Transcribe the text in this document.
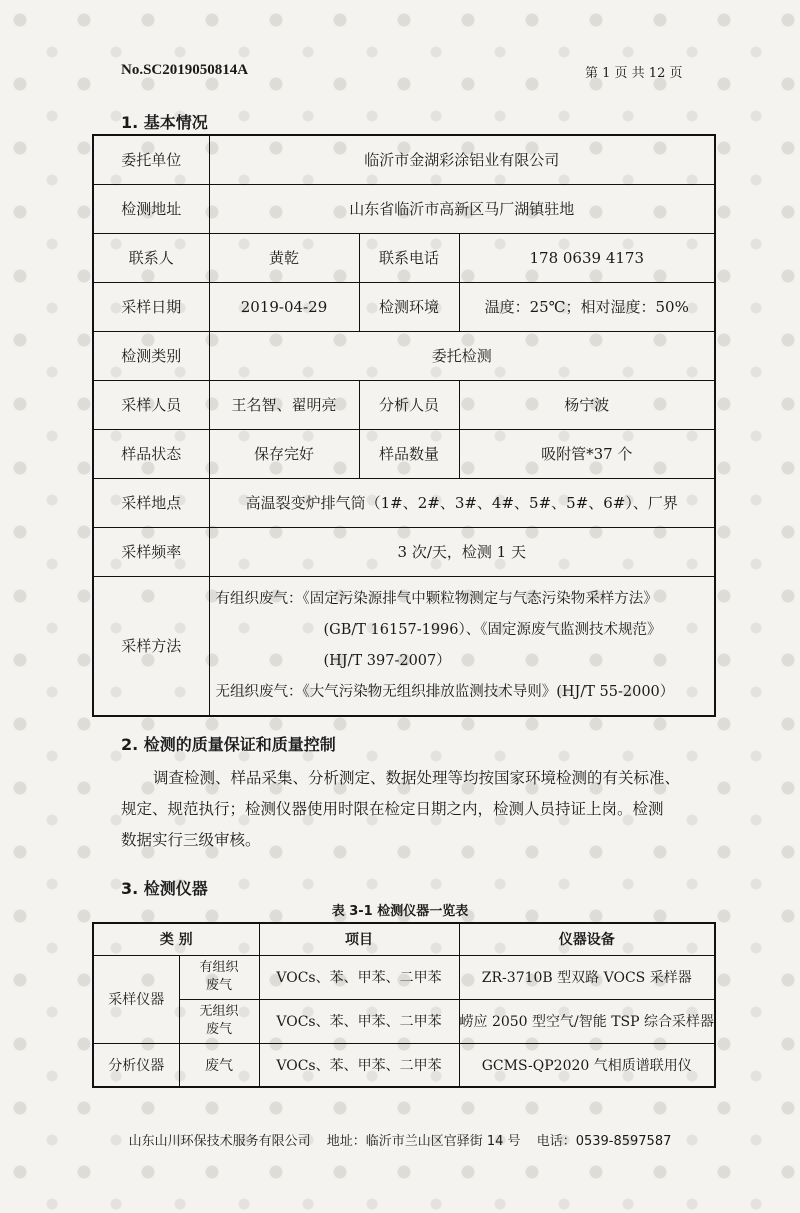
No.SC2019050814A	第 1 页 共 12 页
1. 基本情况
委托单位	临沂市金湖彩涂铝业有限公司		
检测地址	山东省临沂市高新区马厂湖镇驻地		
联系人	黄乾	联系电话	178 0639 4173
采样日期	2019-04-29	检测环境	温度：25℃；相对湿度：50%
检测类别	委托检测		
采样人员	王名智、翟明亮	分析人员	杨宁波
样品状态	保存完好	样品数量	吸附管*37 个
采样地点	高温裂变炉排气筒（1#、2#、3#、4#、5#、5#、6#）、厂界		
采样频率	3 次/天，检测 1 天		
采样方法	有组织废气：《固定污染源排气中颗粒物测定与气态污染物采样方法》

(GB/T 16157-1996）、《固定源废气监测技术规范》
(HJ/T 397-2007）
无组织废气：《大气污染物无组织排放监测技术导则》(HJ/T 55-2000）		
2. 检测的质量保证和质量控制
调查检测、样品采集、分析测定、数据处理等均按国家环境检测的有关标准、
规定、规范执行；检测仪器使用时限在检定日期之内，检测人员持证上岗。检测
数据实行三级审核。
3. 检测仪器
表 3-1 检测仪器一览表
类 别		项目	仪器设备
采样仪器	有组织
废气	VOCs、苯、甲苯、二甲苯	ZR-3710B 型双路 VOCS 采样器
	无组织
废气	VOCs、苯、甲苯、二甲苯	崂应 2050 型空气/智能 TSP 综合采样器
分析仪器	废气	VOCs、苯、甲苯、二甲苯	GCMS-QP2020 气相质谱联用仪
山东山川环保技术服务有限公司 地址：临沂市兰山区官驿街 14 号 电话：0539-8597587
